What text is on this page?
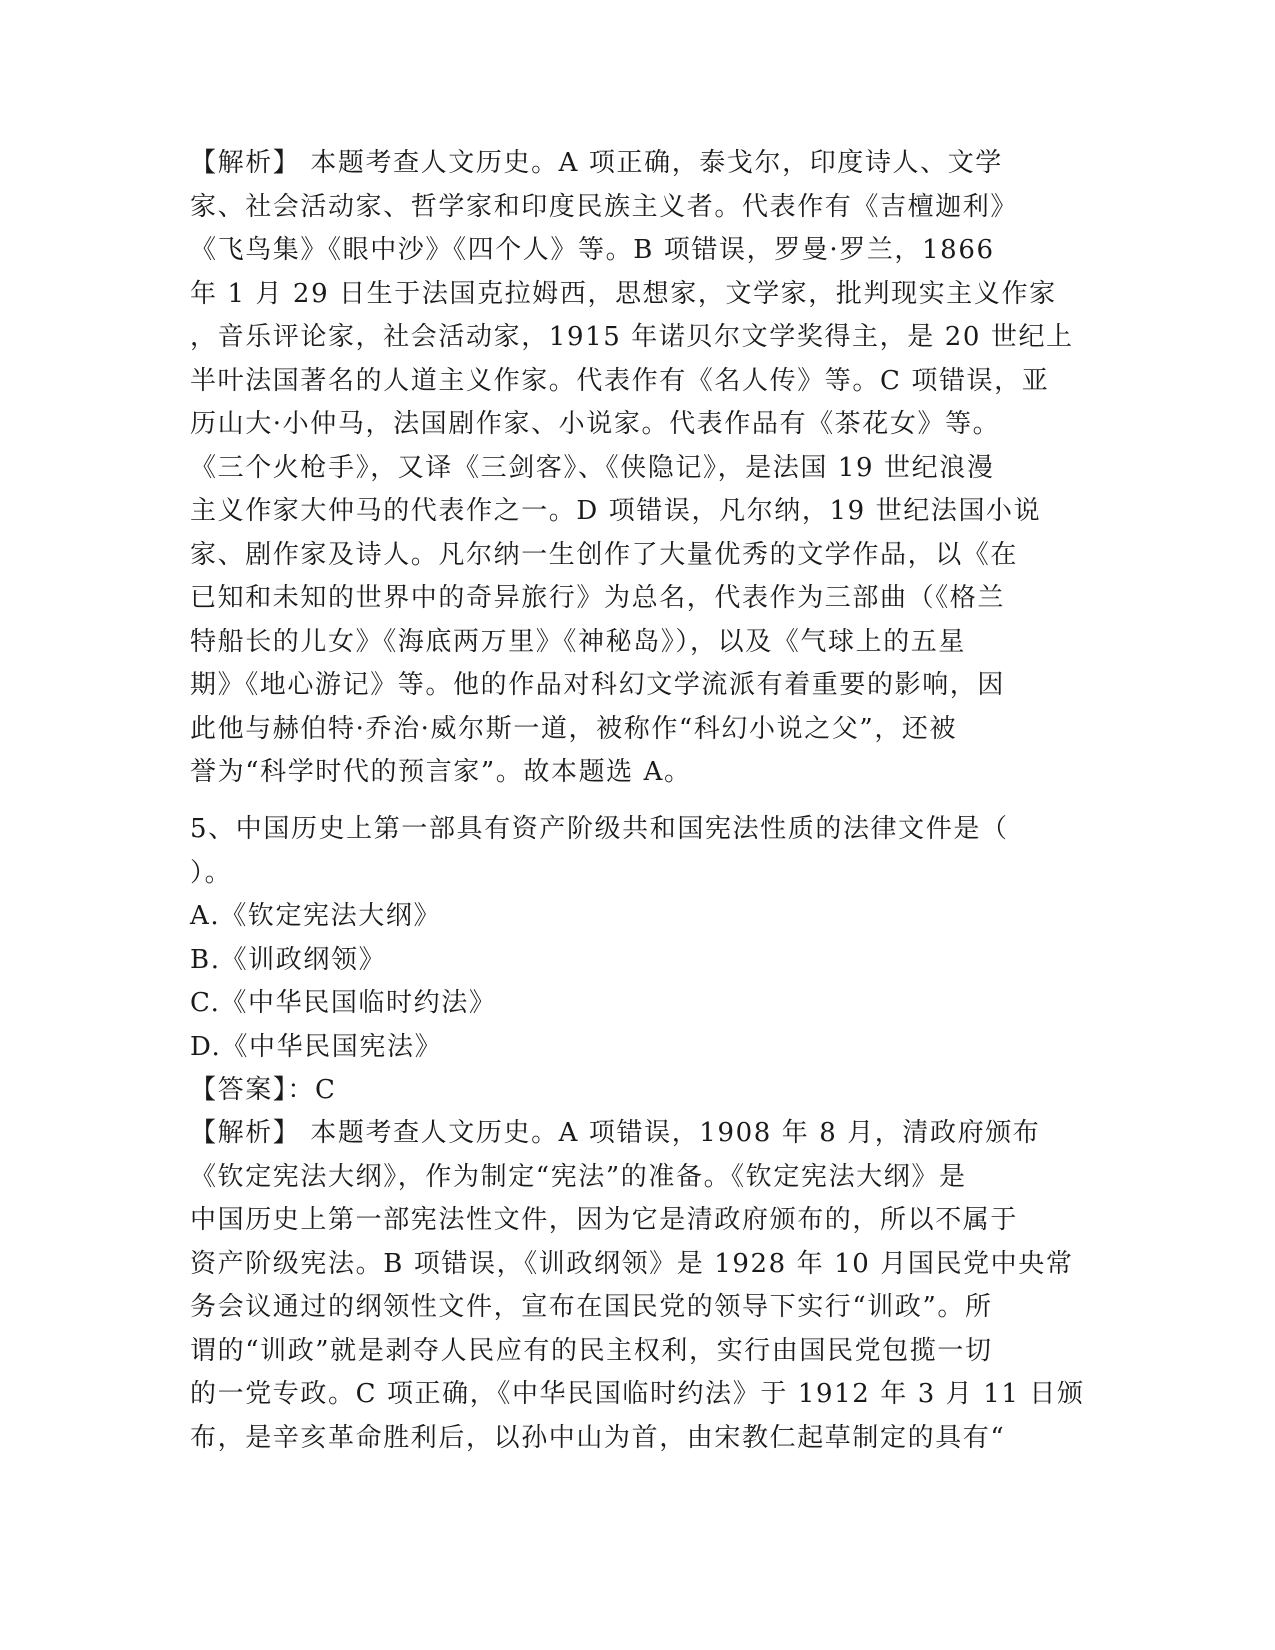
【解析】 本题考查人文历史。A 项正确，泰戈尔，印度诗人、文学
家、社会活动家、哲学家和印度民族主义者。代表作有《吉檀迦利》
《飞鸟集》《眼中沙》《四个人》等。B 项错误，罗曼·罗兰，1866
年 1 月 29 日生于法国克拉姆西，思想家，文学家，批判现实主义作家
，音乐评论家，社会活动家，1915 年诺贝尔文学奖得主，是 20 世纪上
半叶法国著名的人道主义作家。代表作有《名人传》等。C 项错误，亚
历山大·小仲马，法国剧作家、小说家。代表作品有《茶花女》等。
《三个火枪手》，又译《三剑客》、《侠隐记》，是法国 19 世纪浪漫
主义作家大仲马的代表作之一。D 项错误，凡尔纳，19 世纪法国小说
家、剧作家及诗人。凡尔纳一生创作了大量优秀的文学作品，以《在
已知和未知的世界中的奇异旅行》为总名，代表作为三部曲（《格兰
特船长的儿女》《海底两万里》《神秘岛》），以及《气球上的五星
期》《地心游记》等。他的作品对科幻文学流派有着重要的影响，因
此他与赫伯特·乔治·威尔斯一道，被称作“科幻小说之父”，还被
誉为“科学时代的预言家”。故本题选 A。
5、中国历史上第一部具有资产阶级共和国宪法性质的法律文件是（
）。
A.《钦定宪法大纲》
B.《训政纲领》
C.《中华民国临时约法》
D.《中华民国宪法》
【答案】：C
【解析】 本题考查人文历史。A 项错误，1908 年 8 月，清政府颁布
《钦定宪法大纲》，作为制定“宪法”的准备。《钦定宪法大纲》是
中国历史上第一部宪法性文件，因为它是清政府颁布的，所以不属于
资产阶级宪法。B 项错误，《训政纲领》是 1928 年 10 月国民党中央常
务会议通过的纲领性文件，宣布在国民党的领导下实行“训政”。所
谓的“训政”就是剥夺人民应有的民主权利，实行由国民党包揽一切
的一党专政。C 项正确，《中华民国临时约法》于 1912 年 3 月 11 日颁
布，是辛亥革命胜利后，以孙中山为首，由宋教仁起草制定的具有“
